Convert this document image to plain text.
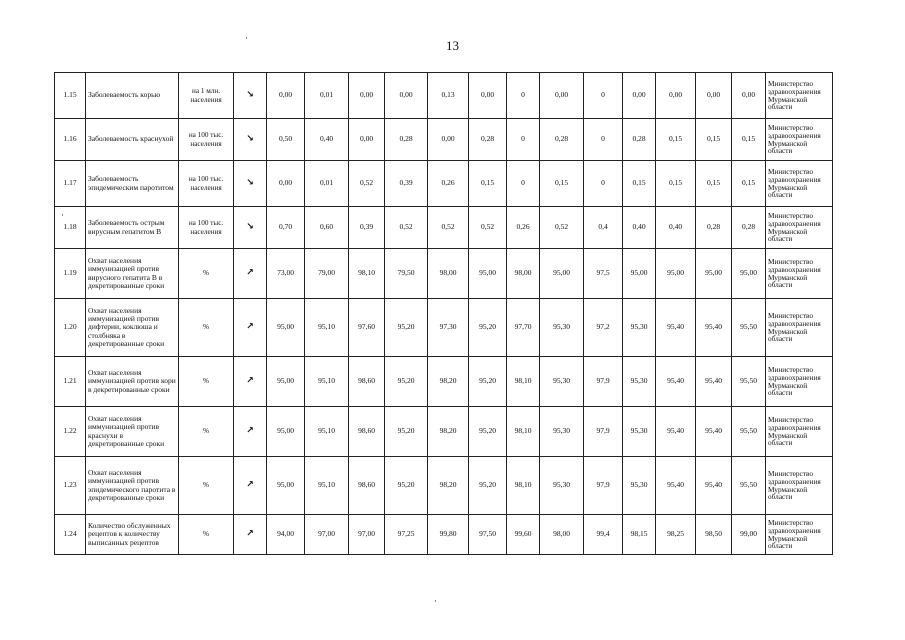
13
1.15	Заболеваемость корью	на 1 млн. населения	↘	0,00	0,01	0,00	0,00	0,13	0,00	0	0,00	0	0,00	0,00	0,00	0,00	Министерство здравоохранения Мурманской области
1.16	Заболеваемость краснухой	на 100 тыс. населения	↘	0,50	0,40	0,00	0,28	0,00	0,28	0	0,28	0	0,28	0,15	0,15	0,15	Министерство здравоохранения Мурманской области
1.17	Заболеваемость эпидемическим паротитом	на 100 тыс. населения	↘	0,00	0,01	0,52	0,39	0,26	0,15	0	0,15	0	0,15	0,15	0,15	0,15	Министерство здравоохранения Мурманской области
1.18	Заболеваемость острым вирусным гепатитом В	на 100 тыс. населения	↘	0,70	0,60	0,39	0,52	0,52	0,52	0,26	0,52	0,4	0,40	0,40	0,28	0,28	Министерство здравоохранения Мурманской области
1.19	Охват населения иммунизацией против вирусного гепатита В в декретированные сроки	%	↗	73,00	79,00	98,10	79,50	98,00	95,00	98,00	95,00	97,5	95,00	95,00	95,00	95,00	Министерство здравоохранения Мурманской области
1.20	Охват населения иммунизацией против дифтерии, коклюша и столбняка в декретированные сроки	%	↗	95,00	95,10	97,60	95,20	97,30	95,20	97,70	95,30	97,2	95,30	95,40	95,40	95,50	Министерство здравоохранения Мурманской области
1.21	Охват населения иммунизацией против кори в декретированные сроки	%	↗	95,00	95,10	98,60	95,20	98,20	95,20	98,10	95,30	97,9	95,30	95,40	95,40	95,50	Министерство здравоохранения Мурманской области
1.22	Охват населения иммунизацией против краснухи в декретированные сроки	%	↗	95,00	95,10	98,60	95,20	98,20	95,20	98,10	95,30	97,9	95,30	95,40	95,40	95,50	Министерство здравоохранения Мурманской области
1.23	Охват населения иммунизацией против эпидемического паротита в декретированные сроки	%	↗	95,00	95,10	98,60	95,20	98,20	95,20	98,10	95,30	97,9	95,30	95,40	95,40	95,50	Министерство здравоохранения Мурманской области
1.24	Количество обслуженных рецептов к количеству выписанных рецептов	%	↗	94,00	97,00	97,00	97,25	99,80	97,50	99,60	98,00	99,4	98,15	98,25	98,50	99,00	Министерство здравоохранения Мурманской области
